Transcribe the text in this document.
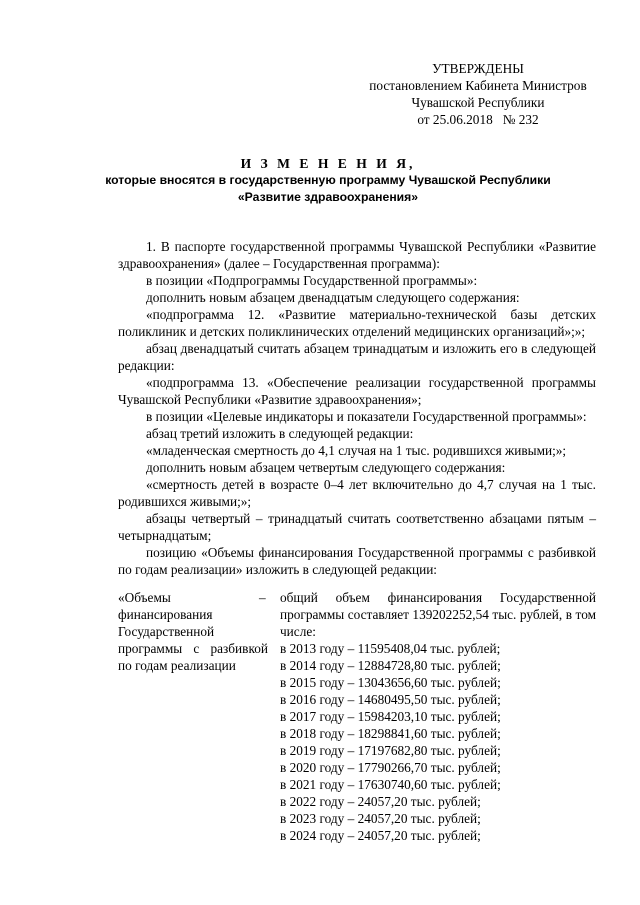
УТВЕРЖДЕНЫ
постановлением Кабинета Министров
Чувашской Республики
от 25.06.2018   № 232
И З М Е Н Е Н И Я,
которые вносятся в государственную программу Чувашской Республики
«Развитие здравоохранения»

1. В паспорте государственной программы Чувашской Республики «Развитие здравоохранения» (далее – Государственная программа):

в позиции «Подпрограммы Государственной программы»:

дополнить новым абзацем двенадцатым следующего содержания:

«подпрограмма 12. «Развитие материально-технической базы детских поликлиник и детских поликлинических отделений медицинских организаций»;»;

абзац двенадцатый считать абзацем тринадцатым и изложить его в следующей редакции:

«подпрограмма 13. «Обеспечение реализации государственной программы Чувашской Республики «Развитие здравоохранения»;

в позиции «Целевые индикаторы и показатели Государственной программы»:

абзац третий изложить в следующей редакции:

«младенческая смертность до 4,1 случая на 1 тыс. родившихся живыми;»;

дополнить новым абзацем четвертым следующего содержания:

«смертность детей в возрасте 0–4 лет включительно до 4,7 случая на 1 тыс. родившихся живыми;»;

абзацы четвертый – тринадцатый считать соответственно абзацами пятым – четырнадцатым;

позицию «Объемы финансирования Государственной программы с разбивкой по годам реализации» изложить в следующей редакции:

«Объемы финансирования Государственной программы с разбивкой по годам реализации
– общий объем финансирования Государственной программы составляет 139202252,54 тыс. рублей, в том числе:
в 2013 году – 11595408,04 тыс. рублей;
в 2014 году – 12884728,80 тыс. рублей;
в 2015 году – 13043656,60 тыс. рублей;
в 2016 году – 14680495,50 тыс. рублей;
в 2017 году – 15984203,10 тыс. рублей;
в 2018 году – 18298841,60 тыс. рублей;
в 2019 году – 17197682,80 тыс. рублей;
в 2020 году – 17790266,70 тыс. рублей;
в 2021 году – 17630740,60 тыс. рублей;
в 2022 году – 24057,20 тыс. рублей;
в 2023 году – 24057,20 тыс. рублей;
в 2024 году – 24057,20 тыс. рублей;
